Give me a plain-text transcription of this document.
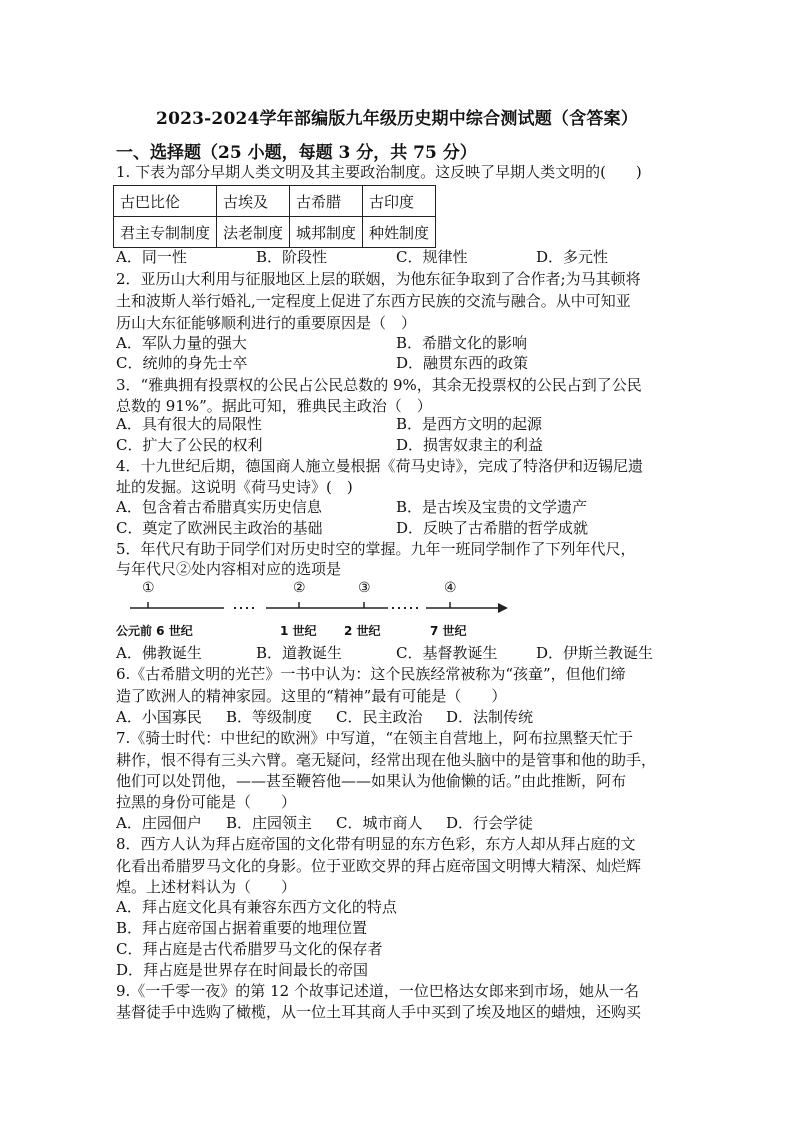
2023-2024学年部编版九年级历史期中综合测试题（含答案）
一、选择题（25 小题，每题 3 分，共 75 分）
1. 下表为部分早期人类文明及其主要政治制度。这反映了早期人类文明的(　　)
古巴比伦	古埃及	古希腊	古印度
君主专制制度	法老制度	城邦制度	种姓制度
A．同一性	B．阶段性	C．规律性	D．多元性
2．亚历山大利用与征服地区上层的联姻，为他东征争取到了合作者;为马其顿将
土和波斯人举行婚礼,一定程度上促进了东西方民族的交流与融合。从中可知亚
历山大东征能够顺利进行的重要原因是（　）
A．军队力量的强大	B．希腊文化的影响
C．统帅的身先士卒	D．融贯东西的政策
3．“雅典拥有投票权的公民占公民总数的 9%，其余无投票权的公民占到了公民
总数的 91%”。据此可知，雅典民主政治（　）
A．具有很大的局限性	B．是西方文明的起源
C．扩大了公民的权利	D．损害奴隶主的利益
4．十九世纪后期，德国商人施立曼根据《荷马史诗》，完成了特洛伊和迈锡尼遗
址的发掘。这说明《荷马史诗》(　)
A．包含着古希腊真实历史信息	B．是古埃及宝贵的文学遗产
C．奠定了欧洲民主政治的基础	D．反映了古希腊的哲学成就
5．年代尺有助于同学们对历史时空的掌握。九年一班同学制作了下列年代尺，
与年代尺②处内容相对应的选项是
①	②	③	④
公元前 6 世纪	1 世纪 2 世纪	7 世纪
A．佛教诞生	B．道教诞生	C．基督教诞生	D．伊斯兰教诞生
6.《古希腊文明的光芒》一书中认为：这个民族经常被称为“孩童”，但他们缔
造了欧洲人的精神家园。这里的“精神”最有可能是（　　）
A．小国寡民 B．等级制度 C．民主政治 D．法制传统
7.《骑士时代：中世纪的欧洲》中写道，“在领主自营地上，阿布拉黑整天忙于
耕作，恨不得有三头六臂。毫无疑问，经常出现在他头脑中的是管事和他的助手，
他们可以处罚他，——甚至鞭笞他——如果认为他偷懒的话。”由此推断，阿布
拉黑的身份可能是（　　）
A．庄园佃户 B．庄园领主 C．城市商人 D．行会学徒
8．西方人认为拜占庭帝国的文化带有明显的东方色彩，东方人却从拜占庭的文
化看出希腊罗马文化的身影。位于亚欧交界的拜占庭帝国文明博大精深、灿烂辉
煌。上述材料认为（　　）
A．拜占庭文化具有兼容东西方文化的特点
B．拜占庭帝国占据着重要的地理位置
C．拜占庭是古代希腊罗马文化的保存者
D．拜占庭是世界存在时间最长的帝国
9.《一千零一夜》的第 12 个故事记述道，一位巴格达女郎来到市场，她从一名
基督徒手中选购了橄榄，从一位土耳其商人手中买到了埃及地区的蜡烛，还购买
